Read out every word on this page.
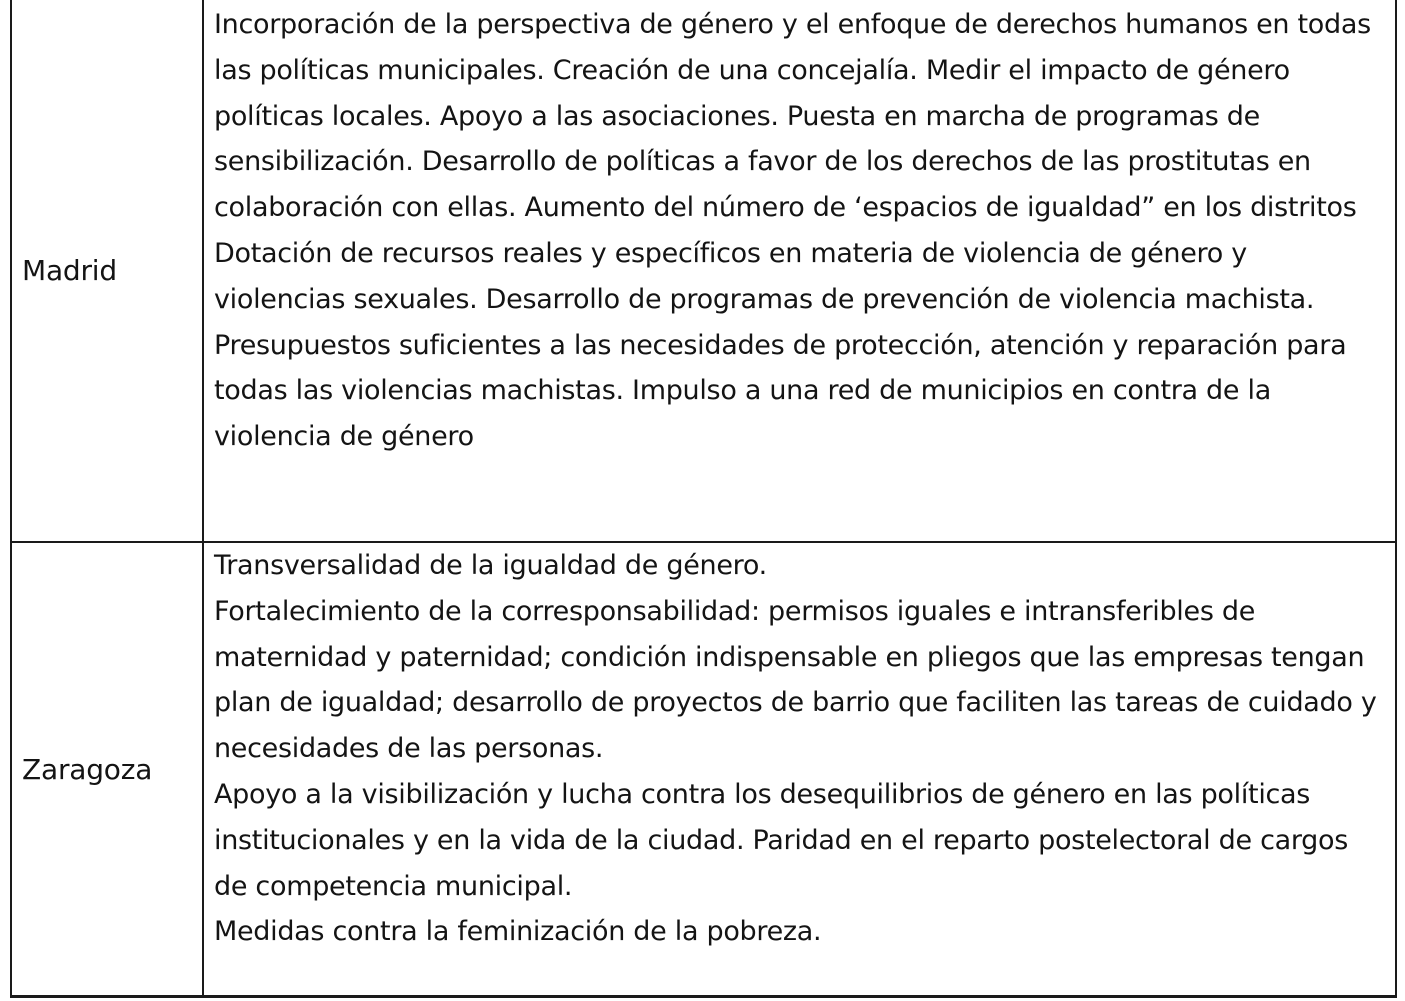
Madrid	Incorporación de la perspectiva de género y el enfoque de derechos humanos en todas las políticas municipales. Creación de una concejalía. Medir el impacto de género políticas locales. Apoyo a las asociaciones. Puesta en marcha de programas de sensibilización. Desarrollo de políticas a favor de los derechos de las prostitutas en colaboración con ellas. Aumento del número de ‘espacios de igualdad” en los distritos

Dotación de recursos reales y específicos en materia de violencia de género y violencias sexuales. Desarrollo de programas de prevención de violencia machista. Presupuestos suficientes a las necesidades de protección, atención y reparación para todas las violencias machistas. Impulso a una red de municipios en contra de la violencia de género

Zaragoza	Transversalidad de la igualdad de género.

Fortalecimiento de la corresponsabilidad: permisos iguales e intransferibles de maternidad y paternidad; condición indispensable en pliegos que las empresas tengan plan de igualdad; desarrollo de proyectos de barrio que faciliten las tareas de cuidado y necesidades de las personas.

Apoyo a la visibilización y lucha contra los desequilibrios de género en las políticas institucionales y en la vida de la ciudad. Paridad en el reparto postelectoral de cargos de competencia municipal.

Medidas contra la feminización de la pobreza.
